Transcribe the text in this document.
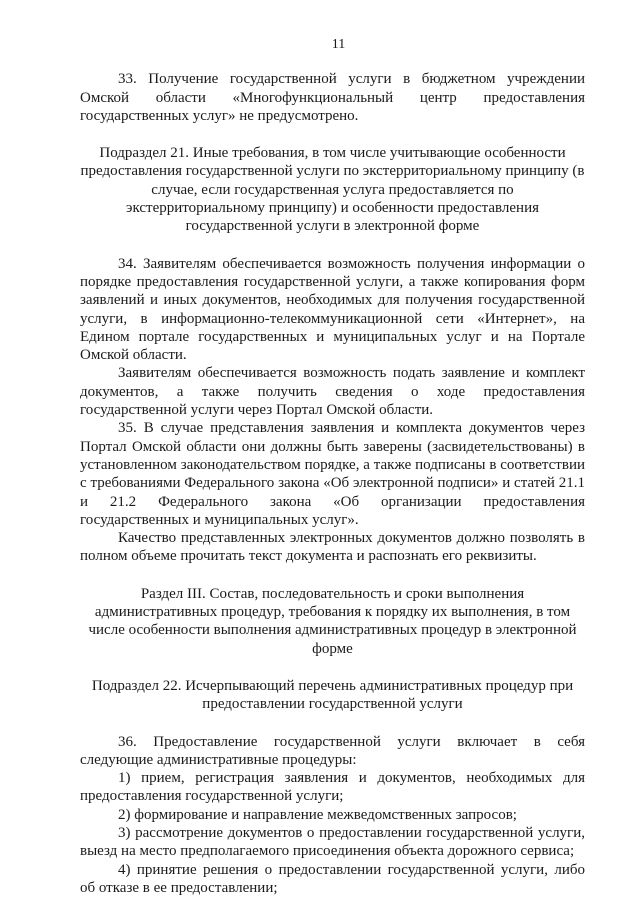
11

33. Получение государственной услуги в бюджетном учреждении Омской области «Многофункциональный центр предоставления государственных услуг» не предусмотрено.

Подраздел 21. Иные требования, в том числе учитывающие особенности предоставления государственной услуги по экстерриториальному принципу (в случае, если государственная услуга предоставляется по экстерриториальному принципу) и особенности предоставления государственной услуги в электронной форме

34. Заявителям обеспечивается возможность получения информации о порядке предоставления государственной услуги, а также копирования форм заявлений и иных документов, необходимых для получения государственной услуги, в информационно-телекоммуникационной сети «Интернет», на Едином портале государственных и муниципальных услуг и на Портале Омской области.

Заявителям обеспечивается возможность подать заявление и комплект документов, а также получить сведения о ходе предоставления государственной услуги через Портал Омской области.

35. В случае представления заявления и комплекта документов через Портал Омской области они должны быть заверены (засвидетельствованы) в установленном законодательством порядке, а также подписаны в соответствии с требованиями Федерального закона «Об электронной подписи» и статей 21.1 и 21.2 Федерального закона «Об организации предоставления государственных и муниципальных услуг».

Качество представленных электронных документов должно позволять в полном объеме прочитать текст документа и распознать его реквизиты.

Раздел III. Состав, последовательность и сроки выполнения административных процедур, требования к порядку их выполнения, в том числе особенности выполнения административных процедур в электронной форме

Подраздел 22. Исчерпывающий перечень административных процедур при предоставлении государственной услуги

36. Предоставление государственной услуги включает в себя следующие административные процедуры:

1) прием, регистрация заявления и документов, необходимых для предоставления государственной услуги;

2) формирование и направление межведомственных запросов;

3) рассмотрение документов о предоставлении государственной услуги, выезд на место предполагаемого присоединения объекта дорожного сервиса;

4) принятие решения о предоставлении государственной услуги, либо об отказе в ее предоставлении;
